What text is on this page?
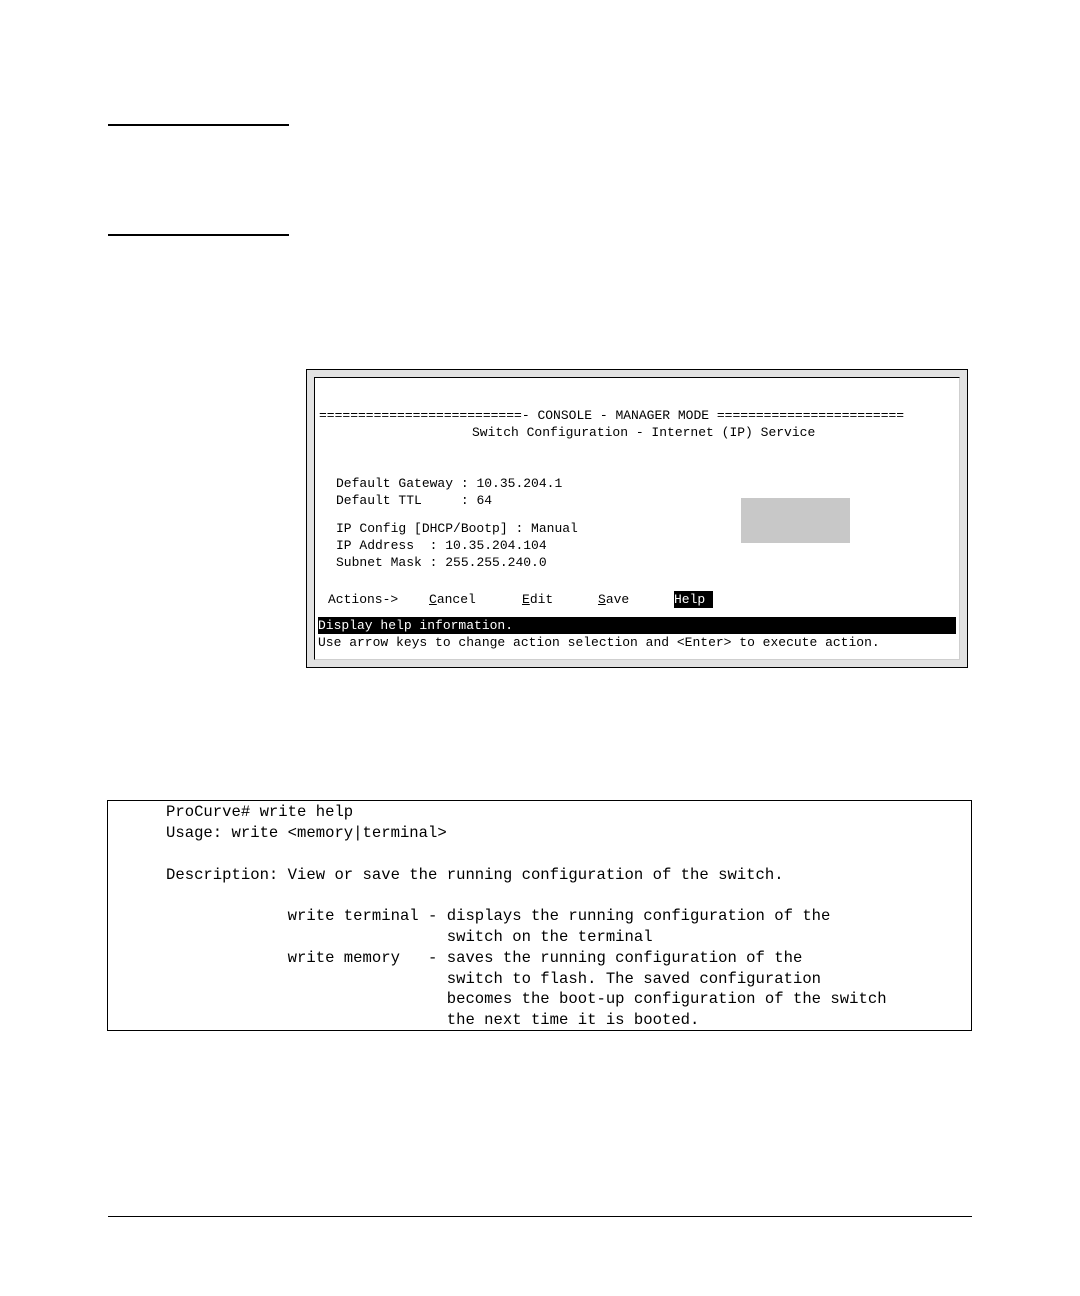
==========================- CONSOLE - MANAGER MODE ========================

Switch Configuration - Internet (IP) Service

Default Gateway : 10.35.204.1

Default TTL     : 64

IP Config [DHCP/Bootp] : Manual

IP Address  : 10.35.204.104

Subnet Mask : 255.255.240.0

Actions->

Cancel

	Edit

	Save

	Help

Display help information.

Use arrow keys to change action selection and <Enter> to execute action.

ProCurve# write help
Usage: write <memory|terminal>
Description: View or save the running configuration of the switch.
write terminal - displays the running configuration of the
switch on the terminal
write memory   - saves the running configuration of the
switch to flash. The saved configuration
becomes the boot-up configuration of the switch
the next time it is booted.
